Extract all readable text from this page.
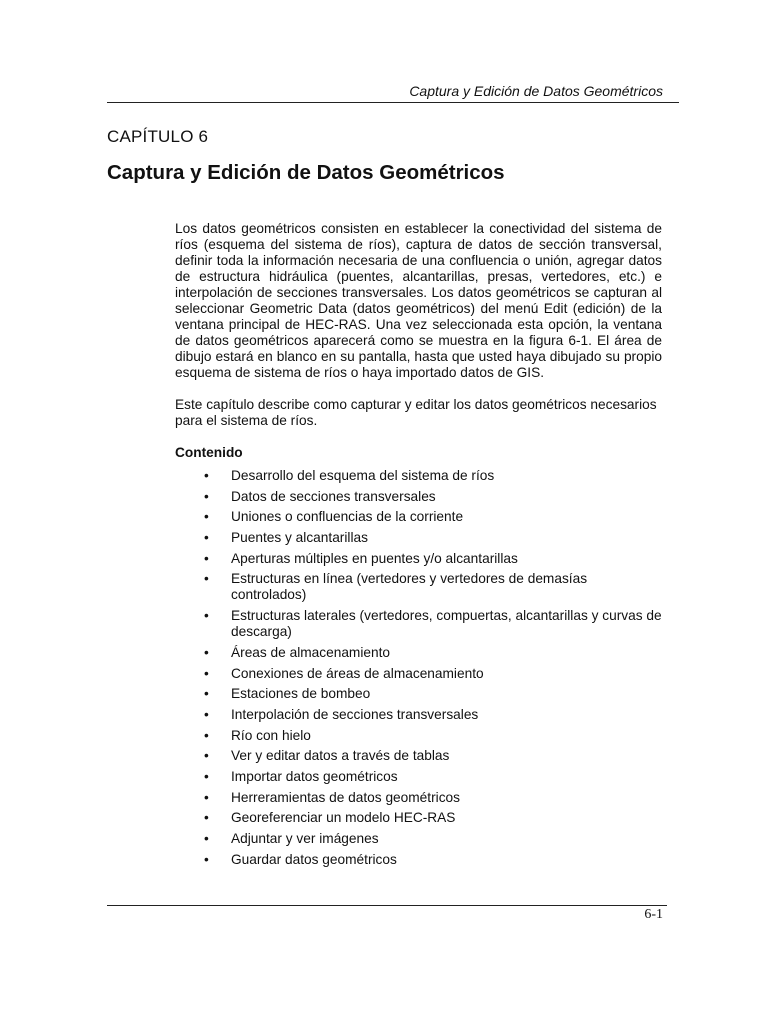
Captura y Edición de Datos Geométricos
CAPÍTULO 6
Captura y Edición de Datos Geométricos

Los datos geométricos consisten en establecer la conectividad del sistema de ríos (esquema del sistema de ríos), captura de datos de sección transversal, definir toda la información necesaria de una confluencia o unión, agregar datos de estructura hidráulica (puentes, alcantarillas, presas, vertedores, etc.) e interpolación de secciones transversales. Los datos geométricos se capturan al seleccionar Geometric Data (datos geométricos) del menú Edit (edición) de la ventana principal de HEC-RAS. Una vez seleccionada esta opción, la ventana de datos geométricos aparecerá como se muestra en la figura 6-1. El área de dibujo estará en blanco en su pantalla, hasta que usted haya dibujado su propio esquema de sistema de ríos o haya importado datos de GIS.

Este capítulo describe como capturar y editar los datos geométricos necesarios para el sistema de ríos.

Contenido
• Desarrollo del esquema del sistema de ríos
• Datos de secciones transversales
• Uniones o confluencias de la corriente
• Puentes y alcantarillas
• Aperturas múltiples en puentes y/o alcantarillas
• Estructuras en línea (vertedores y vertedores de demasías controlados)
• Estructuras laterales (vertedores, compuertas, alcantarillas y curvas de descarga)
• Áreas de almacenamiento
• Conexiones de áreas de almacenamiento
• Estaciones de bombeo
• Interpolación de secciones transversales
• Río con hielo
• Ver y editar datos a través de tablas
• Importar datos geométricos
• Herreramientas de datos geométricos
• Georeferenciar un modelo HEC-RAS
• Adjuntar y ver imágenes
• Guardar datos geométricos
6-1
